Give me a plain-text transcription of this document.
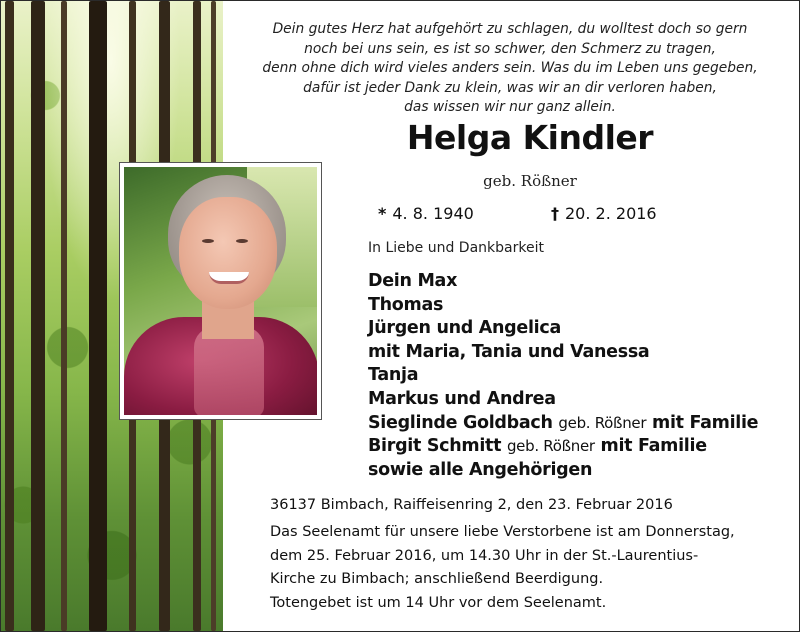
Dein gutes Herz hat aufgehört zu schlagen, du wolltest doch so gern
noch bei uns sein, es ist so schwer, den Schmerz zu tragen,
denn ohne dich wird vieles anders sein. Was du im Leben uns gegeben,
dafür ist jeder Dank zu klein, was wir an dir verloren haben,
das wissen wir nur ganz allein.
Helga Kindler
geb. Rößner
* 4. 8. 1940	† 20. 2. 2016
In Liebe und Dankbarkeit
Dein Max
Thomas
Jürgen und Angelica
mit Maria, Tania und Vanessa
Tanja
Markus und Andrea
Sieglinde Goldbach geb. Rößner mit Familie
Birgit Schmitt geb. Rößner mit Familie
sowie alle Angehörigen
36137 Bimbach, Raiffeisenring 2, den 23. Februar 2016
Das Seelenamt für unsere liebe Verstorbene ist am Donnerstag,
dem 25. Februar 2016, um 14.30 Uhr in der St.-Laurentius-
Kirche zu Bimbach; anschließend Beerdigung.
Totengebet ist um 14 Uhr vor dem Seelenamt.
